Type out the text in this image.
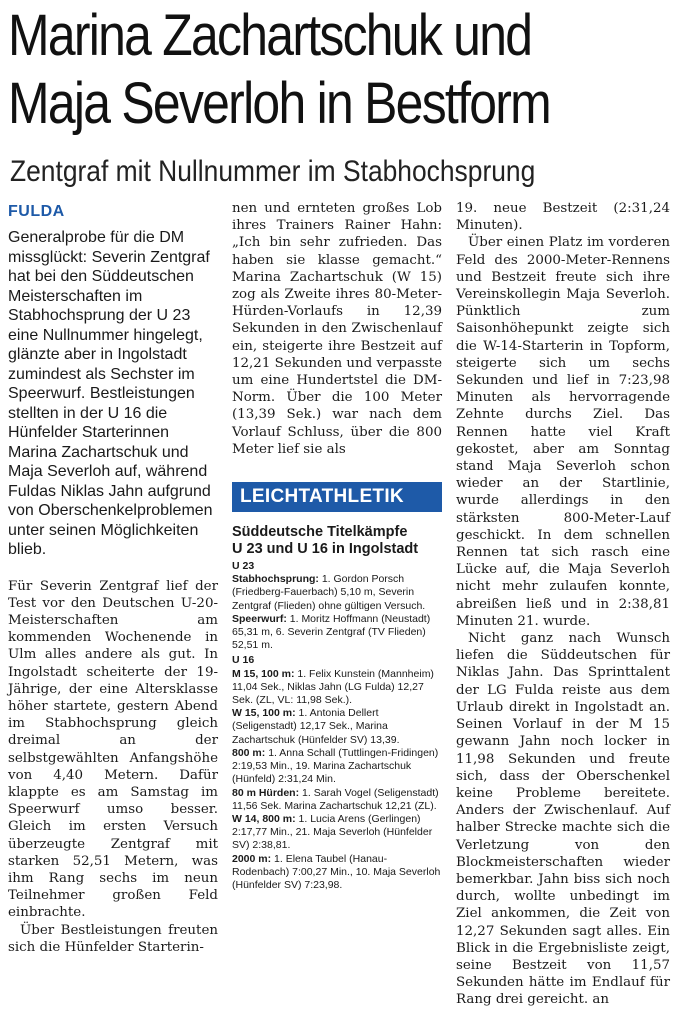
Marina Zachartschuk und Maja Severloh in Bestform
Zentgraf mit Nullnummer im Stabhochsprung
FULDA

Generalprobe für die DM missglückt: Severin Zentgraf hat bei den Süddeutschen Meisterschaften im Stabhochsprung der U 23 eine Nullnummer hingelegt, glänzte aber in Ingolstadt zumindest als Sechster im Speerwurf. Bestleistungen stellten in der U 16 die Hünfelder Starterinnen Marina Zachartschuk und Maja Severloh auf, während Fuldas Niklas Jahn aufgrund von Oberschenkelproblemen unter seinen Möglichkeiten blieb.

Für Severin Zentgraf lief der Test vor den Deutschen U-20-Meisterschaften am kommenden Wochenende in Ulm alles andere als gut. In Ingolstadt scheiterte der 19-Jährige, der eine Altersklasse höher startete, gestern Abend im Stabhochsprung gleich dreimal an der selbstgewählten Anfangshöhe von 4,40 Metern. Dafür klappte es am Samstag im Speerwurf umso besser. Gleich im ersten Versuch überzeugte Zentgraf mit starken 52,51 Metern, was ihm Rang sechs im neun Teilnehmer großen Feld einbrachte.

Über Bestleistungen freuten sich die Hünfelder Starterin-

nen und ernteten großes Lob ihres Trainers Rainer Hahn: „Ich bin sehr zufrieden. Das haben sie klasse gemacht.“ Marina Zachartschuk (W 15) zog als Zweite ihres 80-Meter-Hürden-Vorlaufs in 12,39 Sekunden in den Zwischenlauf ein, steigerte ihre Bestzeit auf 12,21 Sekunden und verpasste um eine Hundertstel die DM-Norm. Über die 100 Meter (13,39 Sek.) war nach dem Vorlauf Schluss, über die 800 Meter lief sie als

LEICHTATHLETIK
Süddeutsche Titelkämpfe
U 23 und U 16 in Ingolstadt
U 23

Stabhochsprung: 1. Gordon Porsch (Friedberg-Fauerbach) 5,10 m, Severin Zentgraf (Flieden) ohne gültigen Versuch.

Speerwurf: 1. Moritz Hoffmann (Neustadt) 65,31 m, 6. Severin Zentgraf (TV Flieden) 52,51 m.

U 16

M 15, 100 m: 1. Felix Kunstein (Mannheim) 11,04 Sek., Niklas Jahn (LG Fulda) 12,27 Sek. (ZL, VL: 11,98 Sek.).

W 15, 100 m: 1. Antonia Dellert (Seligenstadt) 12,17 Sek., Marina Zachartschuk (Hünfelder SV) 13,39.

800 m: 1. Anna Schall (Tuttlingen-Fridingen) 2:19,53 Min., 19. Marina Zachartschuk (Hünfeld) 2:31,24 Min.

80 m Hürden: 1. Sarah Vogel (Seligenstadt) 11,56 Sek. Marina Zachartschuk 12,21 (ZL).

W 14, 800 m: 1. Lucia Arens (Gerlingen) 2:17,77 Min., 21. Maja Severloh (Hünfelder SV) 2:38,81.

2000 m: 1. Elena Taubel (Hanau-Rodenbach) 7:00,27 Min., 10. Maja Severloh (Hünfelder SV) 7:23,98.

19. neue Bestzeit (2:31,24 Minuten).

Über einen Platz im vorderen Feld des 2000-Meter-Rennens und Bestzeit freute sich ihre Vereinskollegin Maja Severloh. Pünktlich zum Saisonhöhepunkt zeigte sich die W-14-Starterin in Topform, steigerte sich um sechs Sekunden und lief in 7:23,98 Minuten als hervorragende Zehnte durchs Ziel. Das Rennen hatte viel Kraft gekostet, aber am Sonntag stand Maja Severloh schon wieder an der Startlinie, wurde allerdings in den stärksten 800-Meter-Lauf geschickt. In dem schnellen Rennen tat sich rasch eine Lücke auf, die Maja Severloh nicht mehr zulaufen konnte, abreißen ließ und in 2:38,81 Minuten 21. wurde.

Nicht ganz nach Wunsch liefen die Süddeutschen für Niklas Jahn. Das Sprinttalent der LG Fulda reiste aus dem Urlaub direkt in Ingolstadt an. Seinen Vorlauf in der M 15 gewann Jahn noch locker in 11,98 Sekunden und freute sich, dass der Oberschenkel keine Probleme bereitete. Anders der Zwischenlauf. Auf halber Strecke machte sich die Verletzung von den Blockmeisterschaften wieder bemerkbar. Jahn biss sich noch durch, wollte unbedingt im Ziel ankommen, die Zeit von 12,27 Sekunden sagt alles. Ein Blick in die Ergebnisliste zeigt, seine Bestzeit von 11,57 Sekunden hätte im Endlauf für Rang drei gereicht. an
